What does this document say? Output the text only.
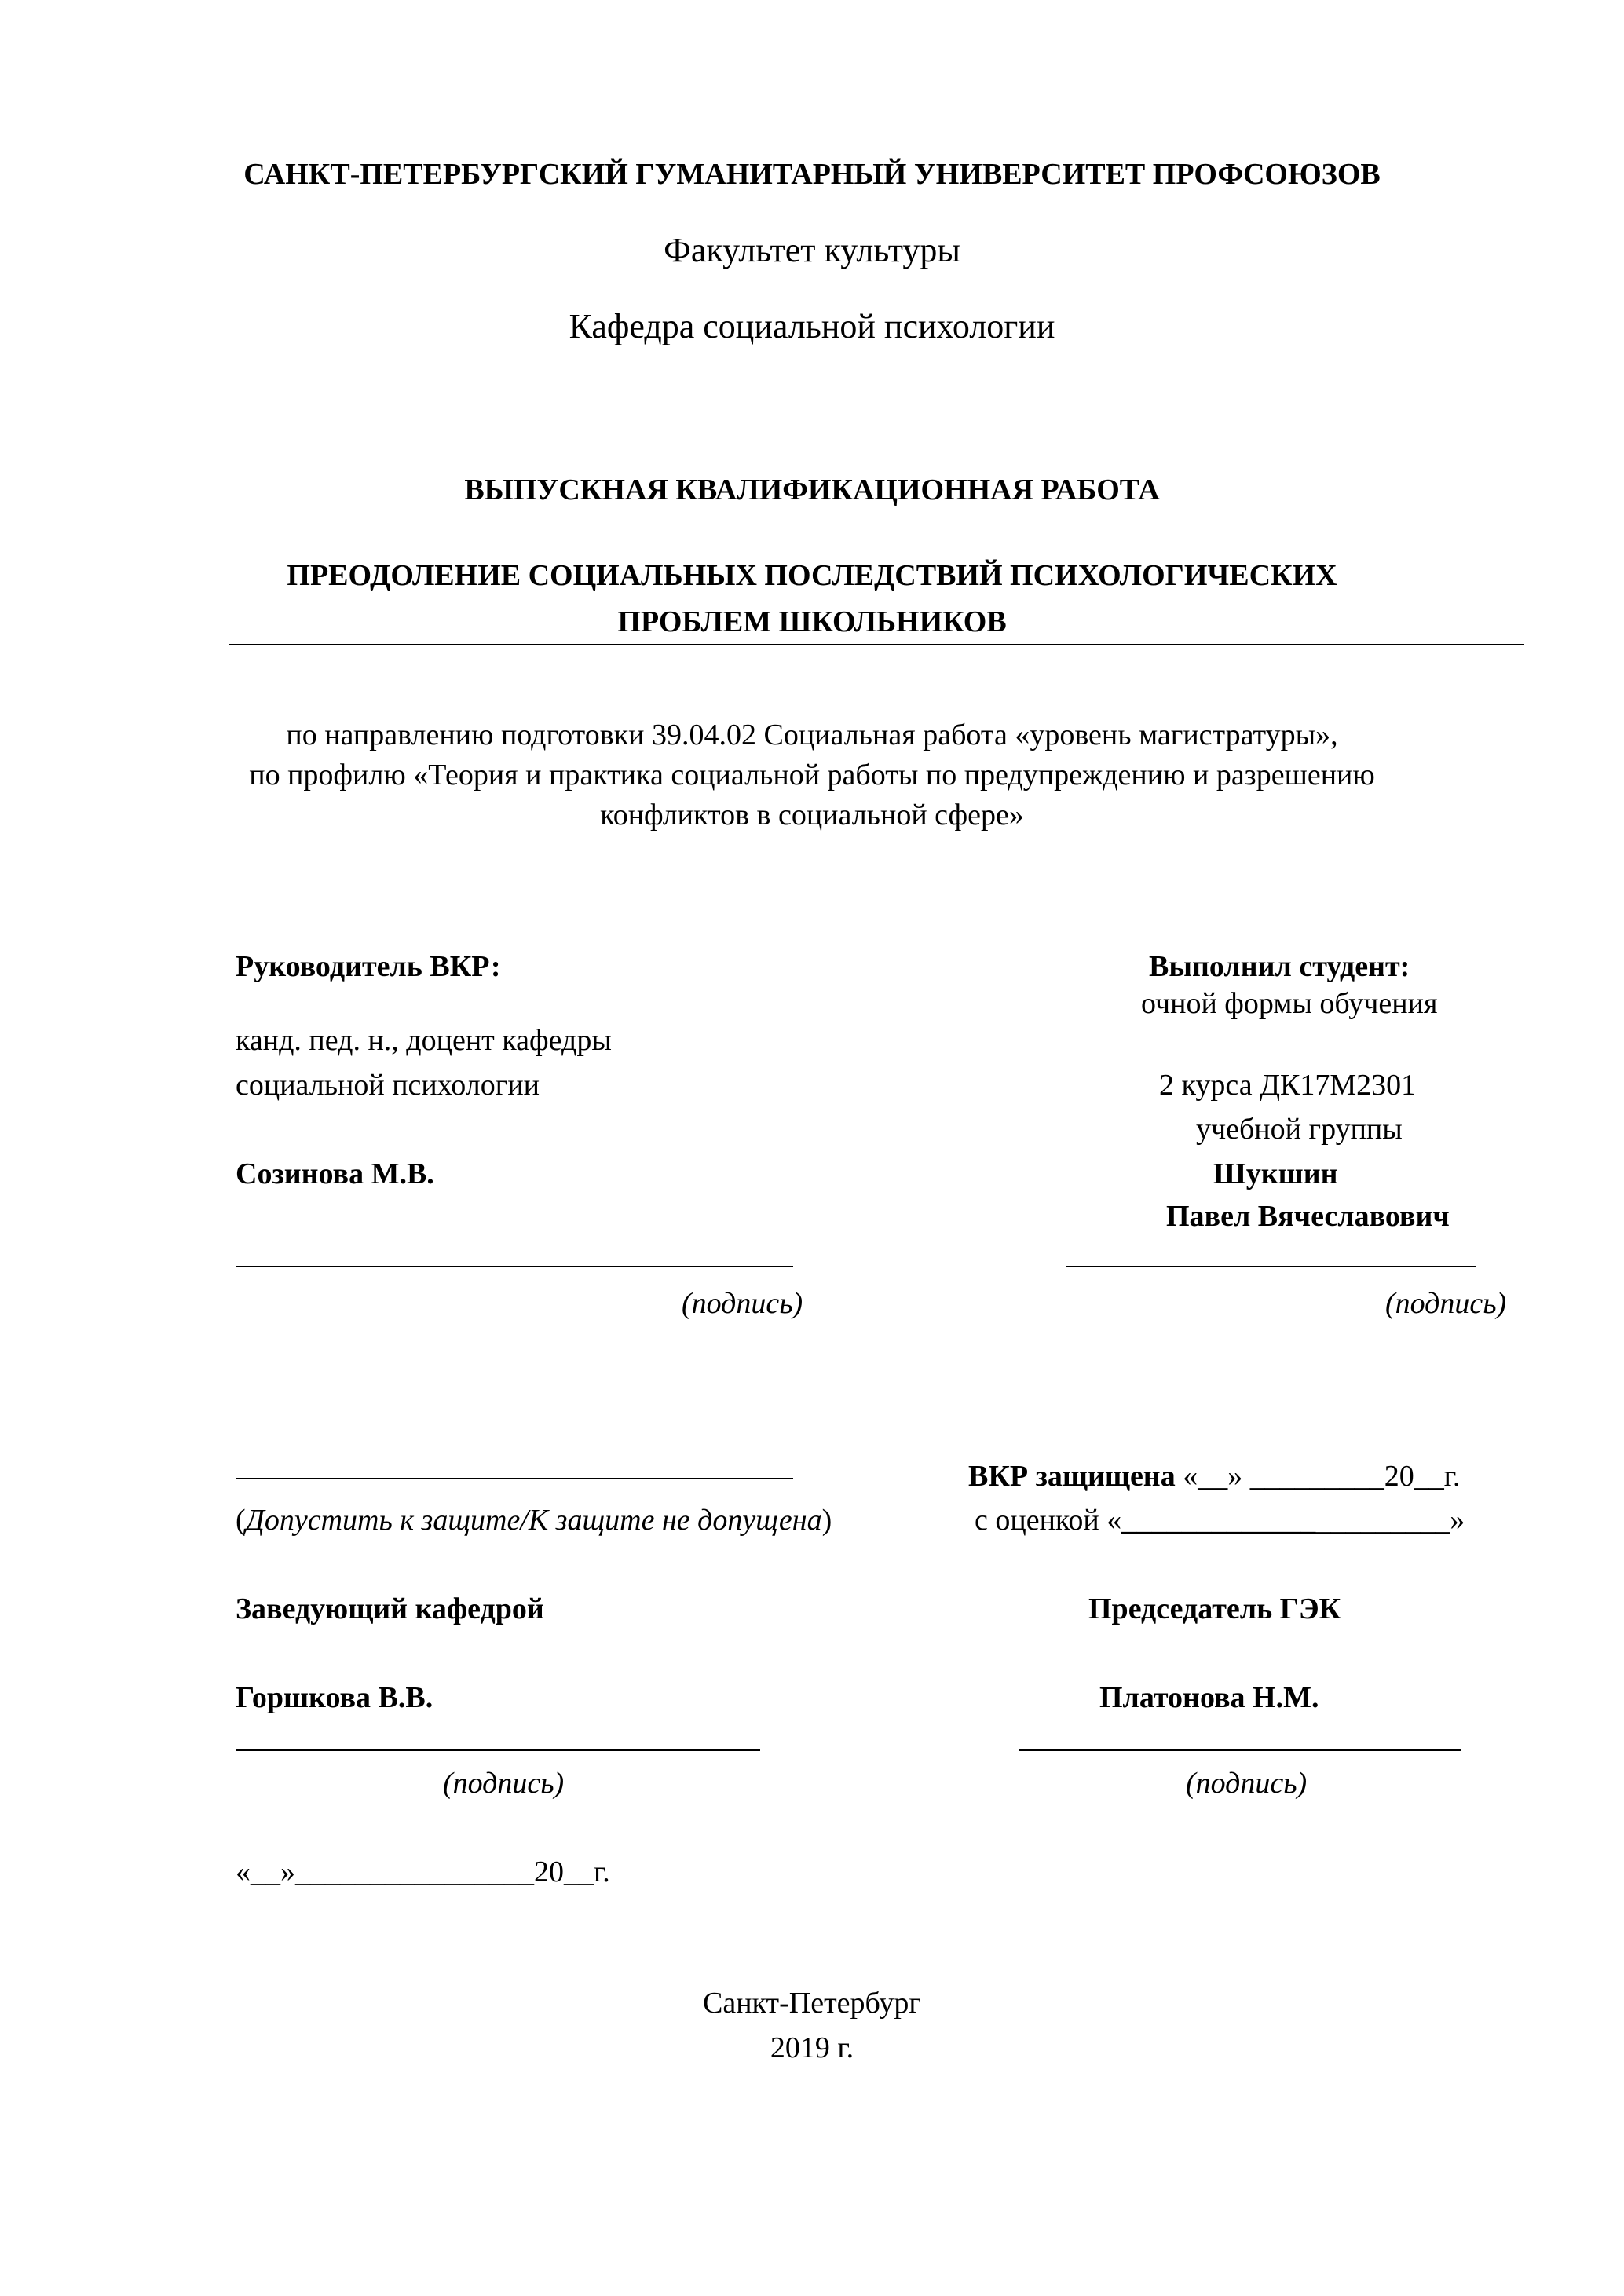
САНКТ-ПЕТЕРБУРГСКИЙ ГУМАНИТАРНЫЙ УНИВЕРСИТЕТ ПРОФСОЮЗОВ
Факультет культуры
Кафедра социальной психологии
ВЫПУСКНАЯ КВАЛИФИКАЦИОННАЯ РАБОТА
ПРЕОДОЛЕНИЕ СОЦИАЛЬНЫХ ПОСЛЕДСТВИЙ ПСИХОЛОГИЧЕСКИХ
ПРОБЛЕМ ШКОЛЬНИКОВ
по направлению подготовки 39.04.02 Социальная работа «уровень магистратуры»,
по профилю «Теория и практика социальной работы по предупреждению и разрешению
конфликтов в социальной сфере»
Руководитель ВКР:
канд. пед. н., доцент кафедры
социальной психологии
Созинова М.В.
(подпись)
Выполнил студент:
очной формы обучения
2 курса ДК17М2301
учебной группы
Шукшин
Павел Вячеславович
(подпись)
(Допустить к защите/К защите не допущена)
ВКР защищена «__» _________20__г.
с оценкой «______________________»
Заведующий кафедрой
Горшкова В.В.
(подпись)
Председатель ГЭК
Платонова Н.М.
(подпись)
«__»________________20__г.
Санкт-Петербург
2019 г.
